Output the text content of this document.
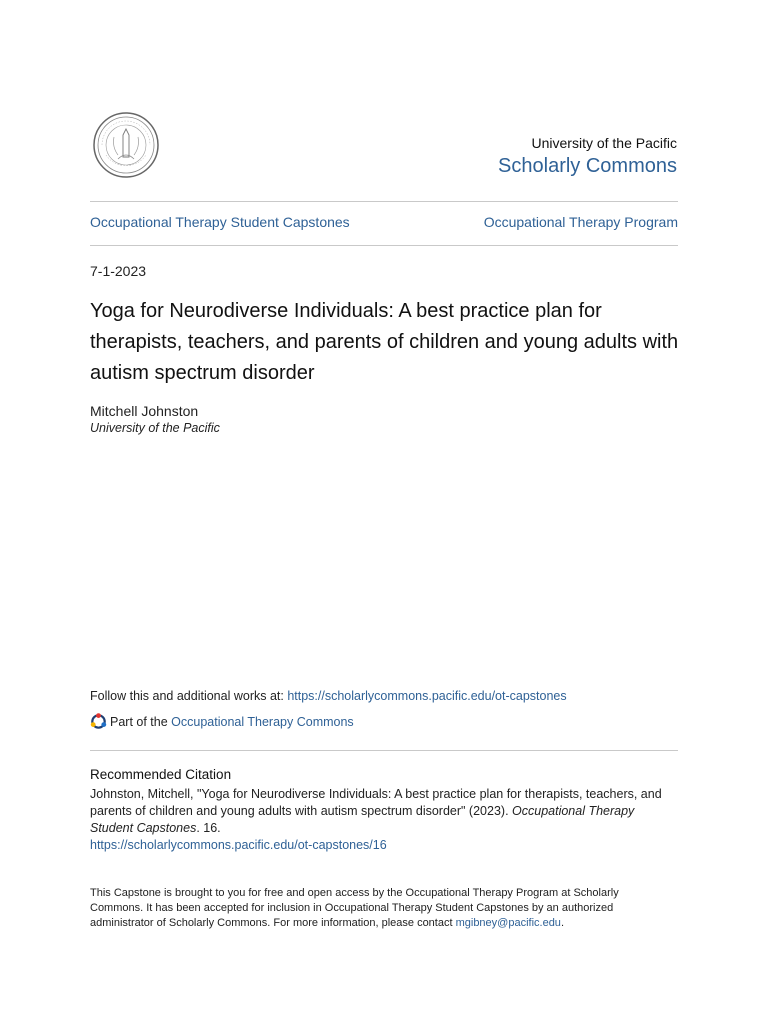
University of the Pacific
Scholarly Commons
Occupational Therapy Student Capstones	Occupational Therapy Program
7-1-2023
Yoga for Neurodiverse Individuals: A best practice plan for therapists, teachers, and parents of children and young adults with autism spectrum disorder
Mitchell Johnston
University of the Pacific
Follow this and additional works at: https://scholarlycommons.pacific.edu/ot-capstones
Part of the
Occupational Therapy Commons
Recommended Citation
Johnston, Mitchell, "Yoga for Neurodiverse Individuals: A best practice plan for therapists, teachers, and parents of children and young adults with autism spectrum disorder" (2023). Occupational Therapy Student Capstones. 16.
https://scholarlycommons.pacific.edu/ot-capstones/16
This Capstone is brought to you for free and open access by the Occupational Therapy Program at Scholarly Commons. It has been accepted for inclusion in Occupational Therapy Student Capstones by an authorized administrator of Scholarly Commons. For more information, please contact mgibney@pacific.edu.
